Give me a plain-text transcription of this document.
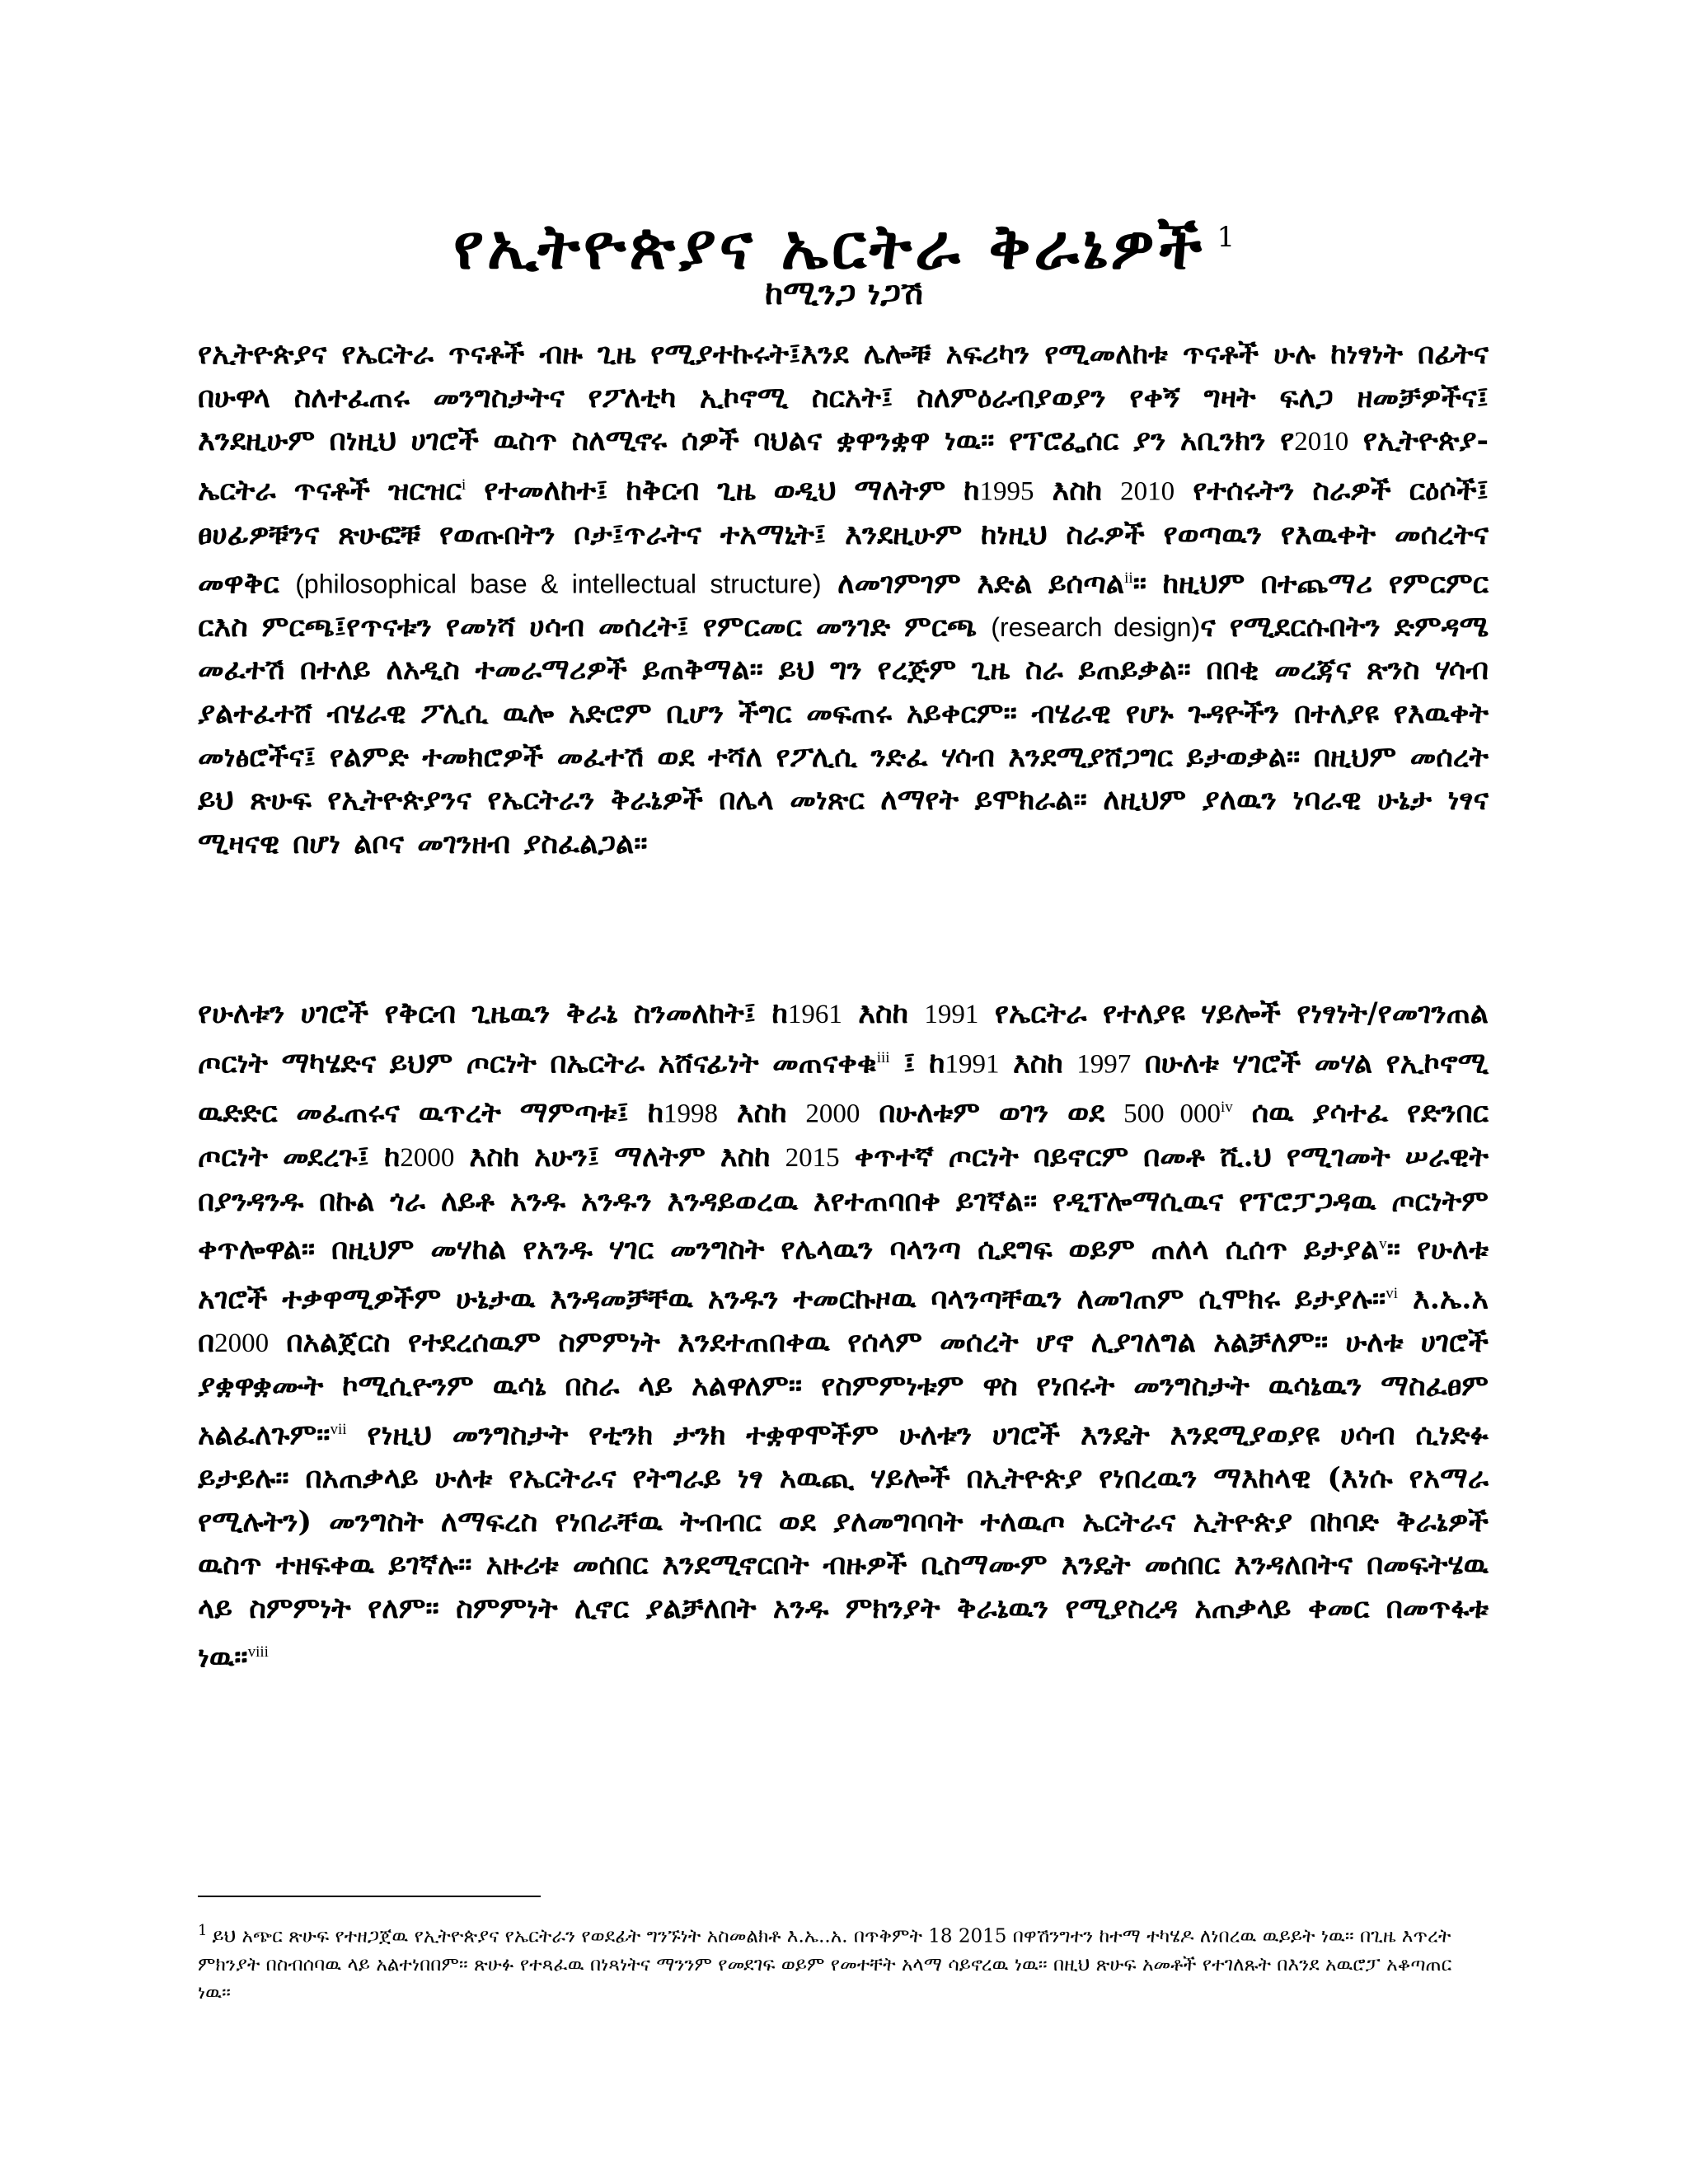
የኢትዮጵያና ኤርትራ ቅራኔዎች $^1$
ከሚንጋ ነጋሽ
የኢትዮጵያና የኤርትራ ጥናቶች ብዙ ጊዜ የሚያተኩሩት፤እንደ ሌሎቹ አፍሪካን የሚመለከቱ ጥናቶች ሁሉ ከነፃነት በፊትና በሁዋላ ስለተፈጠሩ መንግስታትና የፖለቲካ ኢኮኖሚ ስርአት፤ ስለምዕራብያወያን የቀኝ ግዛት ፍለጋ ዘመቻዎችና፤ እንደዚሁም በነዚህ ሀገሮች ዉስጥ ስለሚኖሩ ሰዎች ባህልና ቋዋንቋዋ ነዉ። የፕሮፌሰር ያን አቢንክን የ2010 የኢትዮጵያ-ኤርትራ ጥናቶች ዝርዝር$^i$ የተመለከተ፤ ከቅርብ ጊዜ ወዲህ ማለትም ከ1995 እስከ 2010 የተሰሩትን ስራዎች ርዕሶች፤ ፀሀፊዎቹንና ጽሁፎቹ የወጡበትን ቦታ፤ጥራትና ተአማኒት፤ እንደዚሁም ከነዚህ ስራዎች የወጣዉን የእዉቀት መሰረትና መዋቅር (philosophical base & intellectual structure) ለመገምገም እድል ይሰጣል$^{ii}$። ከዚህም በተጨማሪ የምርምር ርእስ ምርጫ፤የጥናቱን የመነሻ ሀሳብ መሰረት፤ የምርመር መንገድ ምርጫ (research design)ና የሚደርሱበትን ድምዳሜ መፈተሽ በተለይ ለአዲስ ተመራማሪዎች ይጠቅማል። ይህ ግን የረጅም ጊዜ ስራ ይጠይቃል። በበቂ መረጃና ጽንስ ሃሳብ ያልተፈተሸ ብሄራዊ ፖሊሲ ዉሎ አድሮም ቢሆን ችግር መፍጠሩ አይቀርም። ብሄራዊ የሆኑ ጉዳዮችን በተለያዩ የእዉቀት መነፅሮችና፤ የልምድ ተመክሮዎች መፈተሽ ወደ ተሻለ የፖሊሲ ንድፈ ሃሳብ እንደሚያሸጋግር ይታወቃል። በዚህም መሰረት ይህ ጽሁፍ የኢትዮጵያንና የኤርትራን ቅራኔዎች በሌላ መነጽር ለማየት ይሞክራል። ለዚህም ያለዉን ነባራዊ ሁኔታ ነፃና ሚዛናዊ በሆነ ልቦና መገንዘብ ያስፈልጋል።
የሁለቱን ሀገሮች የቅርብ ጊዜዉን ቅራኔ ስንመለከት፤ ከ1961 እስከ 1991 የኤርትራ የተለያዩ ሃይሎች የነፃነት/የመገንጠል ጦርነት ማካሄድና ይህም ጦርነት በኤርትራ አሸናፊነት መጠናቀቁ$^{iii}$ ፤ ከ1991 እስከ 1997 በሁለቱ ሃገሮች መሃል የኢኮኖሚ ዉድድር መፈጠሩና ዉጥረት ማምጣቱ፤ ከ1998 እስከ 2000 በሁለቱም ወገን ወደ 500 000$^{iv}$ ሰዉ ያሳተፈ የድንበር ጦርነት መደረጉ፤ ከ2000 እስከ አሁን፤ ማለትም እስከ 2015 ቀጥተኛ ጦርነት ባይኖርም በመቶ ሺ.ህ የሚገመት ሠራዊት በያንዳንዱ በኩል ጎራ ለይቶ አንዱ አንዱን እንዳይወረዉ እየተጠባበቀ ይገኛል። የዲፕሎማሲዉና የፕሮፓጋዳዉ ጦርነትም ቀጥሎዋል። በዚህም መሃከል የአንዱ ሃገር መንግስት የሌላዉን ባላንጣ ሲደግፍ ወይም ጠለላ ሲሰጥ ይታያል$^v$። የሁለቱ አገሮች ተቃዋሚዎችም ሁኔታዉ እንዳመቻቸዉ አንዱን ተመርኩዞዉ ባላንጣቸዉን ለመገጠም ሲሞክሩ ይታያሉ።$^{vi}$ እ.ኤ.አ በ2000 በአልጀርስ የተደረሰዉም ስምምነት እንደተጠበቀዉ የሰላም መሰረት ሆኖ ሊያገለግል አልቻለም። ሁለቱ ሀገሮች ያቋዋቋሙት ኮሚሲዮንም ዉሳኔ በስራ ላይ አልዋለም። የስምምነቱም ዋስ የነበሩት መንግስታት ዉሳኔዉን ማስፈፀም አልፈለጉም።$^{vii}$ የነዚህ መንግስታት የቲንክ ታንክ ተቋዋሞችም ሁለቱን ሀገሮች እንዴት እንደሚያወያዩ ሀሳብ ሲነድፉ ይታይሉ። በአጠቃላይ ሁለቱ የኤርትራና የትግራይ ነፃ አዉጪ ሃይሎች በኢትዮጵያ የነበረዉን ማእከላዊ (እነሱ የአማራ የሚሉትን) መንግስት ለማፍረስ የነበራቸዉ ትብብር ወደ ያለመግባባት ተለዉጦ ኤርትራና ኢትዮጵያ በከባድ ቅራኔዎች ዉስጥ ተዘፍቀዉ ይገኛሉ። አዙሪቱ መሰበር እንደሚኖርበት ብዙዎች ቢስማሙም እንዴት መሰበር እንዳለበትና በመፍትሄዉ ላይ ስምምነት የለም። ስምምነት ሊኖር ያልቻለበት አንዱ ምክንያት ቅራኔዉን የሚያስረዳ አጠቃላይ ቀመር በመጥፋቱ ነዉ።$^{viii}$
$^1$ ይህ አጭር ጽሁፍ የተዘጋጀዉ የኢትዮጵያና የኤርትራን የወደፊት ግንኙነት አስመልክቶ እ.ኤ..አ. በጥቅምት 18 2015 በዋሽንግተን ከተማ ተካሄዶ ለነበረዉ ዉይይት ነዉ። በጊዜ እጥረት ምክንያት በስብሰባዉ ላይ አልተነበበም። ጽሁፉ የተጻፈዉ በነጻነትና ማንንም የመደገፍ ወይም የመተቸት አላማ ሳይኖረዉ ነዉ። በዚህ ጽሁፍ አመቶች የተገለጹት በእንደ አዉሮፓ አቆጣጠር ነዉ።
